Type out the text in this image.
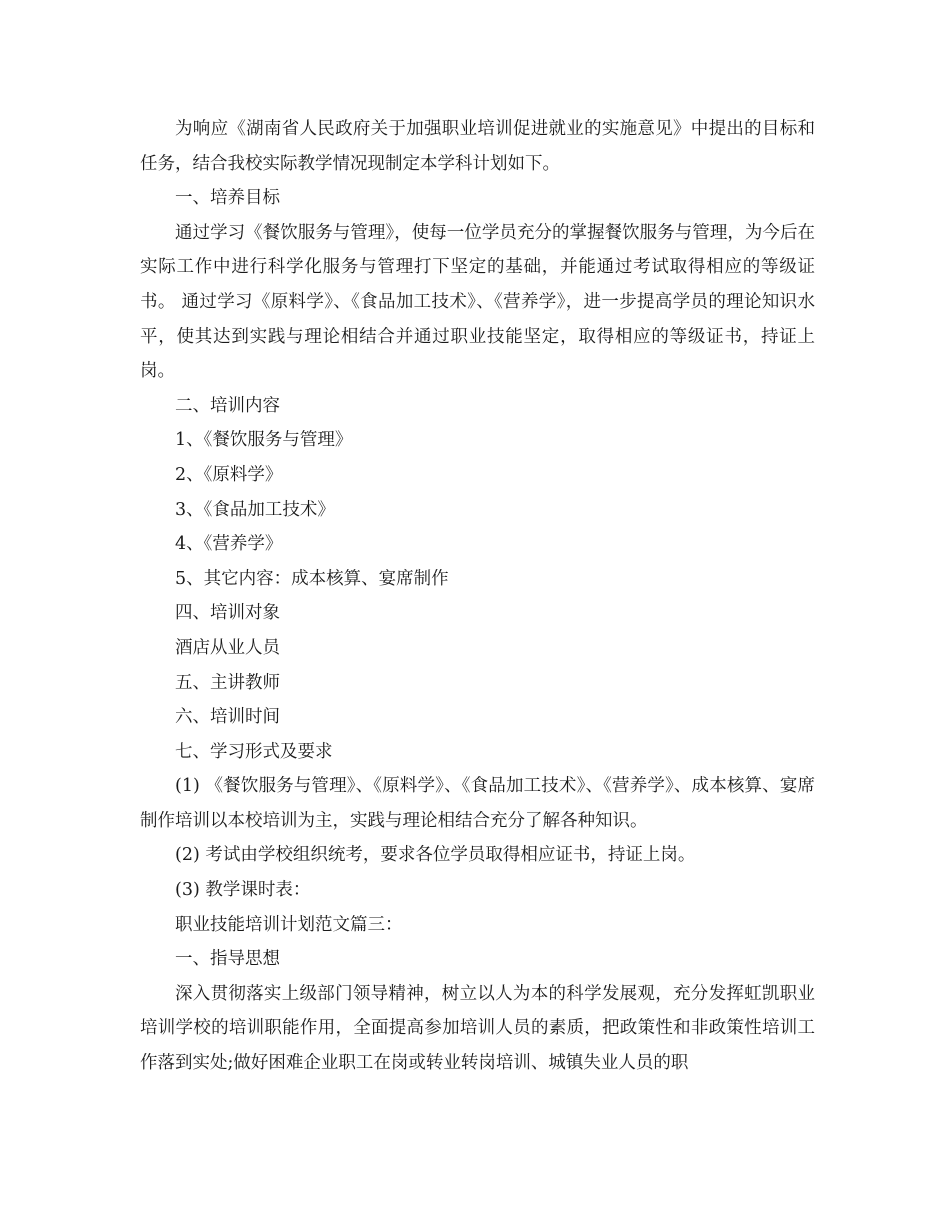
为响应《湖南省人民政府关于加强职业培训促进就业的实施意见》中提出的目标和任务，结合我校实际教学情况现制定本学科计划如下。

一、培养目标

通过学习《餐饮服务与管理》，使每一位学员充分的掌握餐饮服务与管理，为今后在实际工作中进行科学化服务与管理打下坚定的基础，并能通过考试取得相应的等级证书。 通过学习《原料学》、《食品加工技术》、《营养学》，进一步提高学员的理论知识水平，使其达到实践与理论相结合并通过职业技能坚定，取得相应的等级证书，持证上岗。

二、培训内容

1、《餐饮服务与管理》

2、《原料学》

3、《食品加工技术》

4、《营养学》

5、其它内容：成本核算、宴席制作

四、培训对象

酒店从业人员

五、主讲教师

六、培训时间

七、学习形式及要求

(1) 《餐饮服务与管理》、《原料学》、《食品加工技术》、《营养学》、成本核算、宴席制作培训以本校培训为主，实践与理论相结合充分了解各种知识。

(2) 考试由学校组织统考，要求各位学员取得相应证书，持证上岗。

(3) 教学课时表：

职业技能培训计划范文篇三：

一、指导思想

深入贯彻落实上级部门领导精神，树立以人为本的科学发展观，充分发挥虹凯职业培训学校的培训职能作用，全面提高参加培训人员的素质，把政策性和非政策性培训工作落到实处;做好困难企业职工在岗或转业转岗培训、城镇失业人员的职
